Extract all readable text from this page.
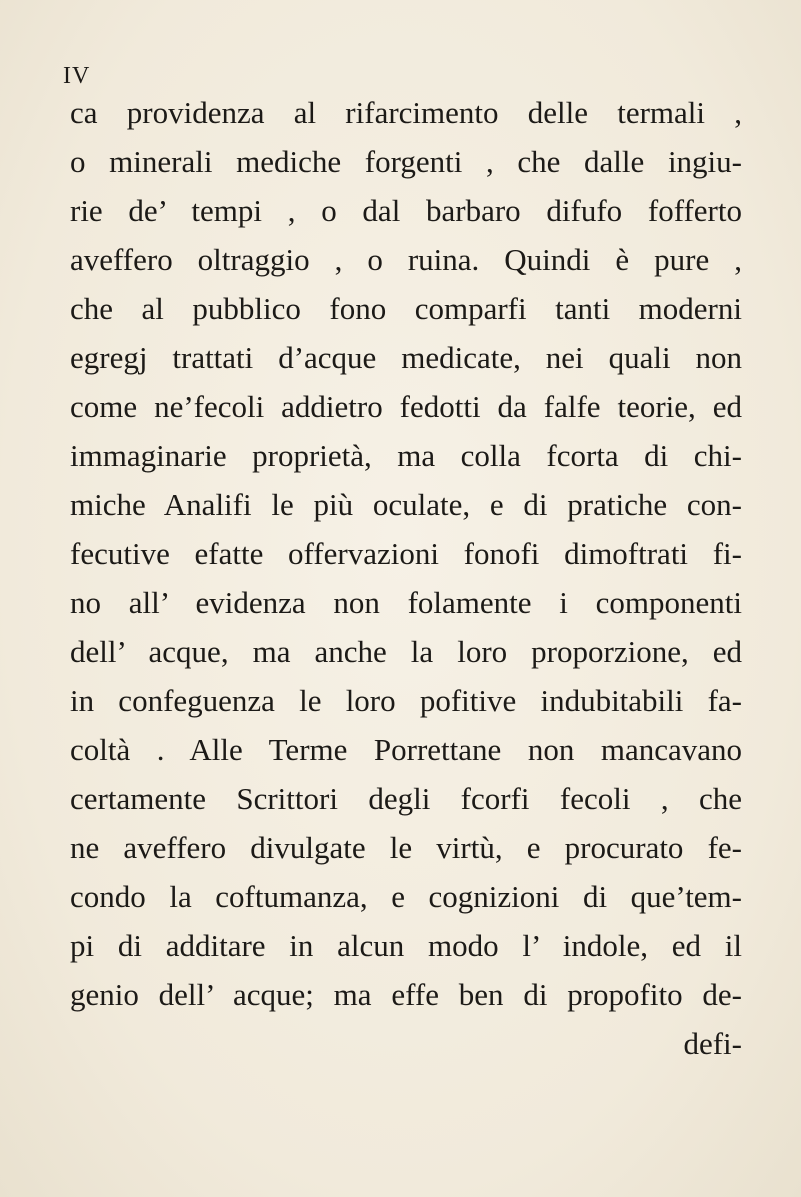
IV
ca providenza al rifarcimento delle termali ,
o minerali mediche forgenti , che dalle ingiu-
rie de’ tempi , o dal barbaro difufo fofferto
aveffero oltraggio , o ruina. Quindi è pure ,
che al pubblico fono comparfi tanti moderni
egregj trattati d’acque medicate, nei quali non
come ne’fecoli addietro fedotti da falfe teorie, ed
immaginarie proprietà, ma colla fcorta di chi-
miche Analifi le più oculate, e di pratiche con-
fecutive efatte offervazioni fonofi dimoftrati fi-
no all’ evidenza non folamente i componenti
dell’ acque, ma anche la loro proporzione, ed
in confeguenza le loro pofitive indubitabili fa-
coltà . Alle Terme Porrettane non mancavano
certamente Scrittori degli fcorfi fecoli , che
ne aveffero divulgate le virtù, e procurato fe-
condo la coftumanza, e cognizioni di que’tem-
pi di additare in alcun modo l’ indole, ed il
genio dell’ acque; ma effe ben di propofito de-
defi-
